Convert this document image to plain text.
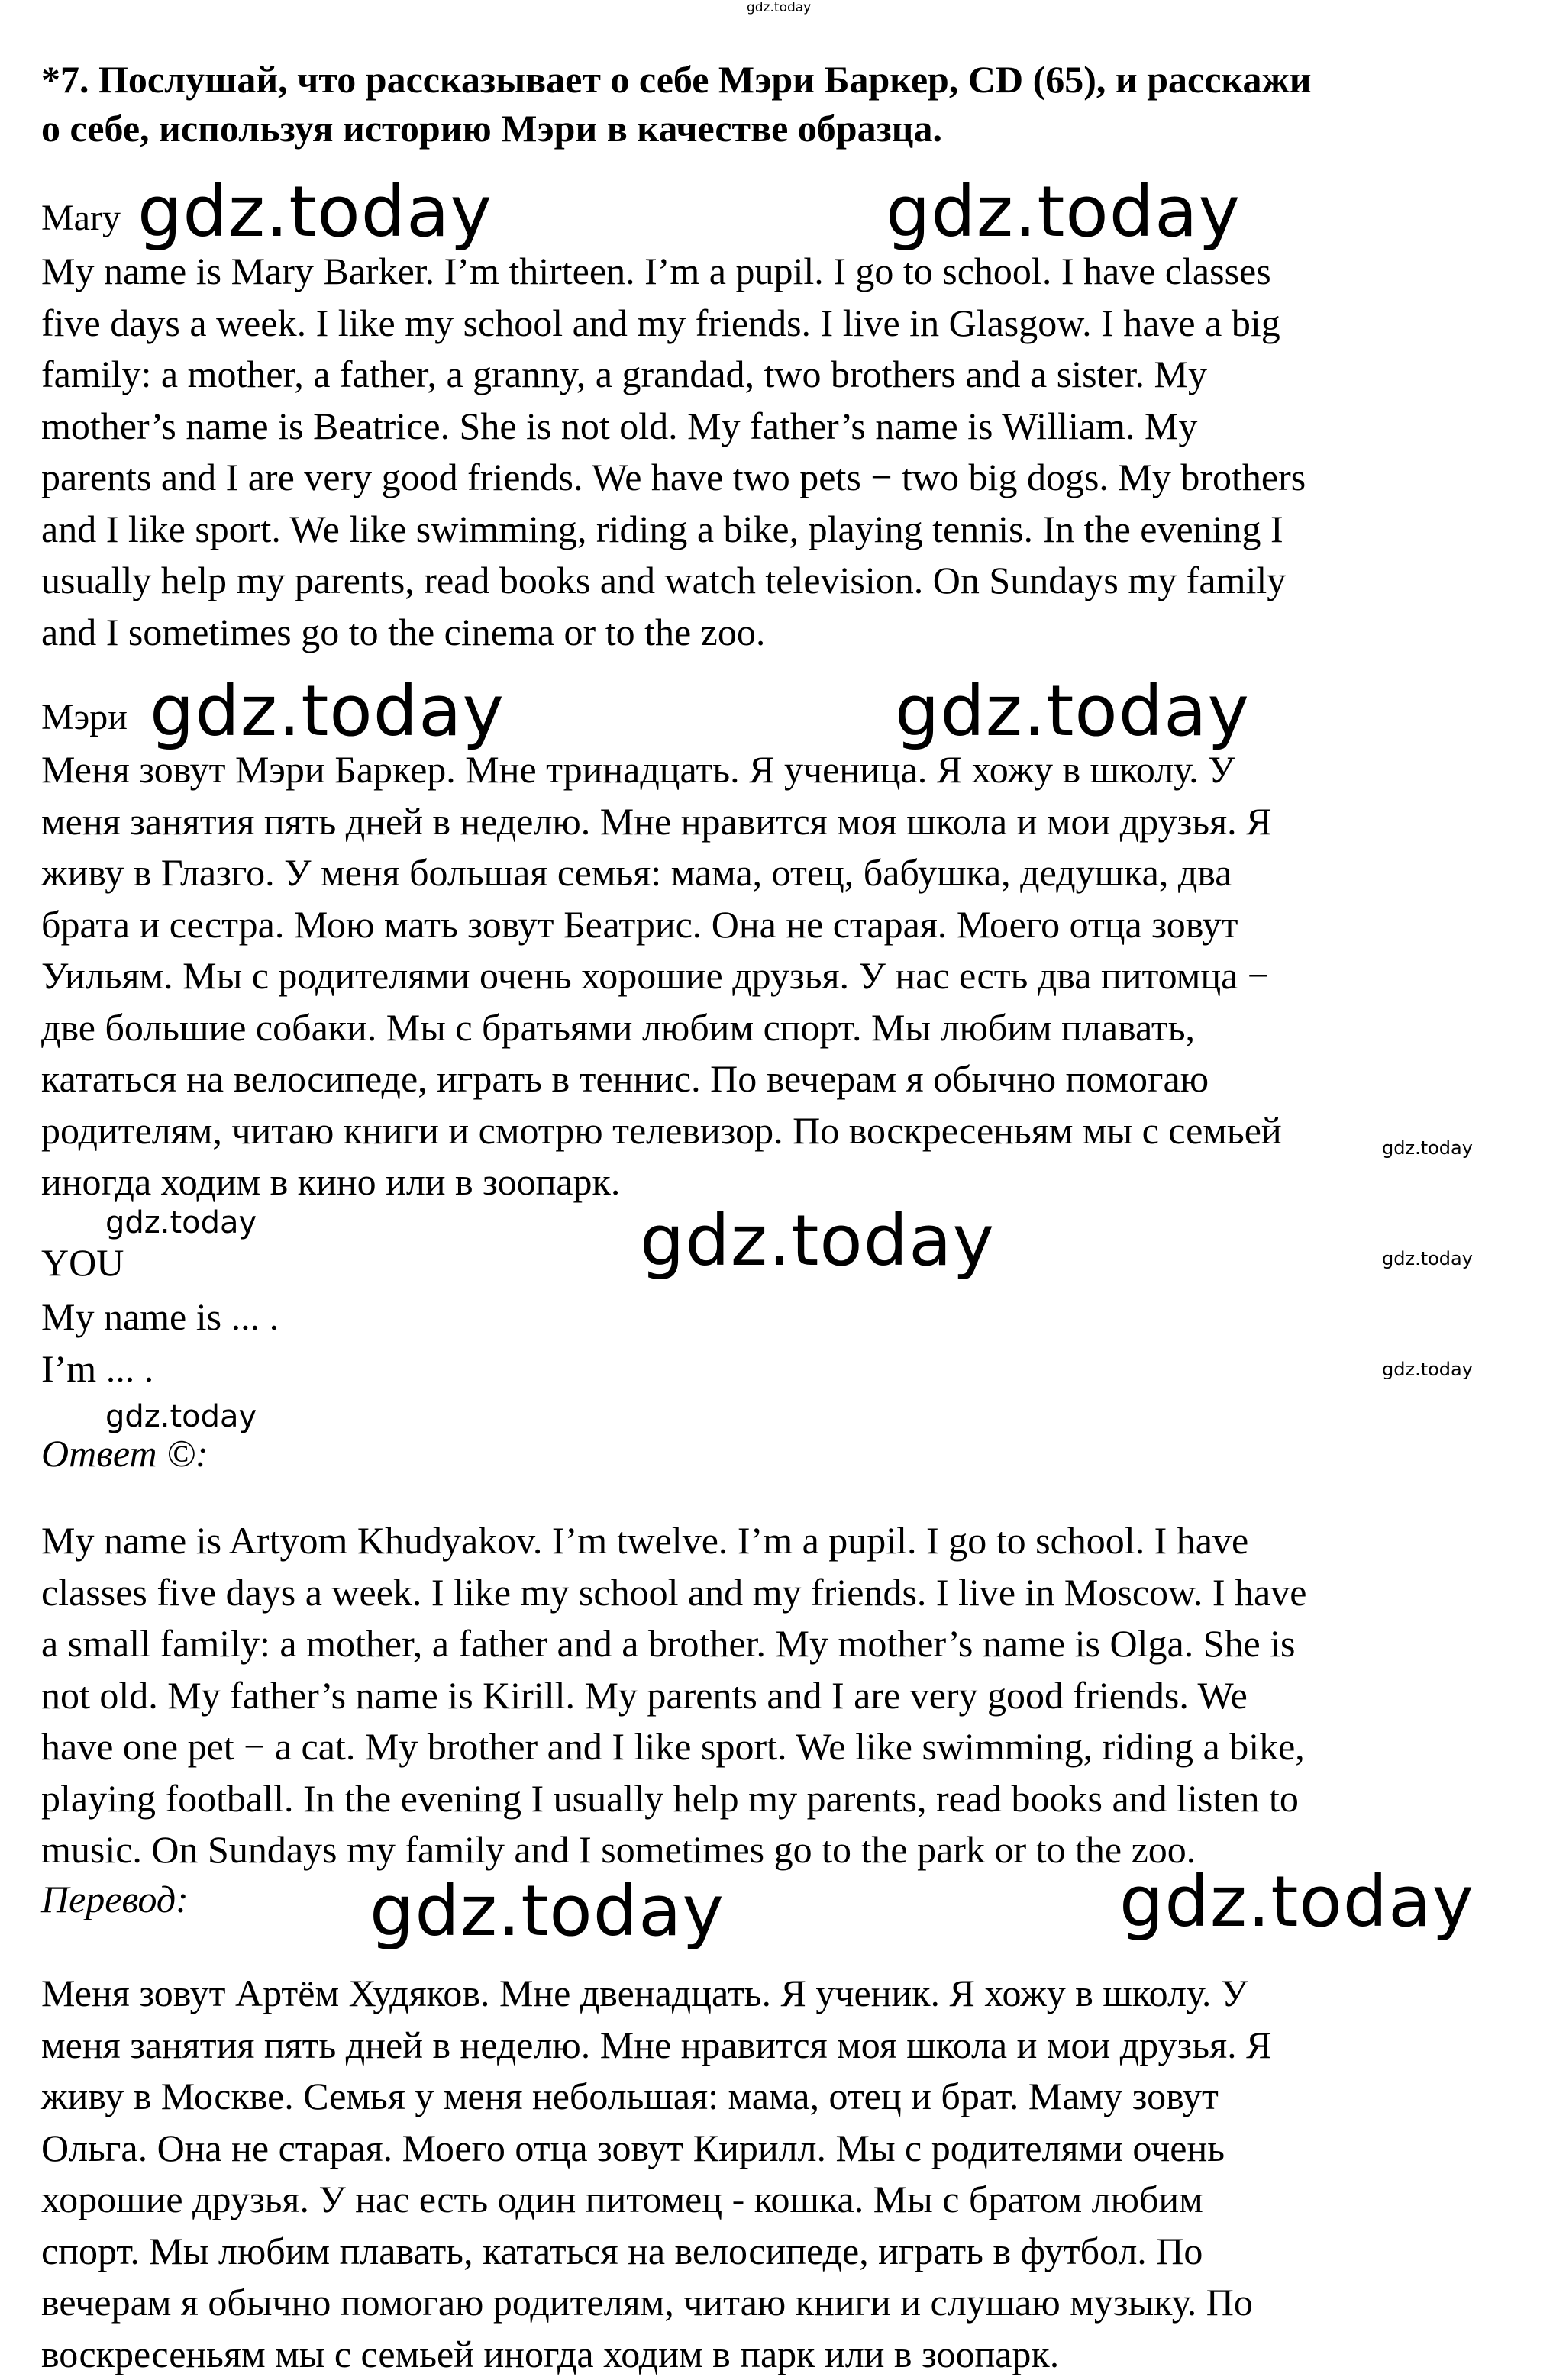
gdz.today
*7. Послушай, что рассказывает о себе Мэри Баркер, CD (65), и расскажи
о себе, используя историю Мэри в качестве образца.
Mary gdz.today	gdz.today
My name is Mary Barker. I’m thirteen. I’m a pupil. I go to school. I have classes
five days a week. I like my school and my friends. I live in Glasgow. I have a big
family: a mother, a father, a granny, a grandad, two brothers and a sister. My
mother’s name is Beatrice. She is not old. My father’s name is William. My
parents and I are very good friends. We have two pets − two big dogs. My brothers
and I like sport. We like swimming, riding a bike, playing tennis. In the evening I
usually help my parents, read books and watch television. On Sundays my family
and I sometimes go to the cinema or to the zoo.
Мэри gdz.today	gdz.today
Меня зовут Мэри Баркер. Мне тринадцать. Я ученица. Я хожу в школу. У
меня занятия пять дней в неделю. Мне нравится моя школа и мои друзья. Я
живу в Глазго. У меня большая семья: мама, отец, бабушка, дедушка, два
брата и сестра. Мою мать зовут Беатрис. Она не старая. Моего отца зовут
Уильям. Мы с родителями очень хорошие друзья. У нас есть два питомца −
две большие собаки. Мы с братьями любим спорт. Мы любим плавать,
кататься на велосипеде, играть в теннис. По вечерам я обычно помогаю
родителям, читаю книги и смотрю телевизор. По воскресеньям мы с семьей
иногда ходим в кино или в зоопарк.
gdz.today
gdz.today	gdz.today	gdz.today
YOU
My name is ... .
I’m ... .	gdz.today
gdz.today
Ответ ©:
My name is Artyom Khudyakov. I’m twelve. I’m a pupil. I go to school. I have
classes five days a week. I like my school and my friends. I live in Moscow. I have
a small family: a mother, a father and a brother. My mother’s name is Olga. She is
not old. My father’s name is Kirill. My parents and I are very good friends. We
have one pet − a cat. My brother and I like sport. We like swimming, riding a bike,
playing football. In the evening I usually help my parents, read books and listen to
music. On Sundays my family and I sometimes go to the park or to the zoo.
Перевод:	gdz.today	gdz.today
Меня зовут Артём Худяков. Мне двенадцать. Я ученик. Я хожу в школу. У
меня занятия пять дней в неделю. Мне нравится моя школа и мои друзья. Я
живу в Москве. Семья у меня небольшая: мама, отец и брат. Маму зовут
Ольга. Она не старая. Моего отца зовут Кирилл. Мы с родителями очень
хорошие друзья. У нас есть один питомец - кошка. Мы с братом любим
спорт. Мы любим плавать, кататься на велосипеде, играть в футбол. По
вечерам я обычно помогаю родителям, читаю книги и слушаю музыку. По
воскресеньям мы с семьей иногда ходим в парк или в зоопарк.
